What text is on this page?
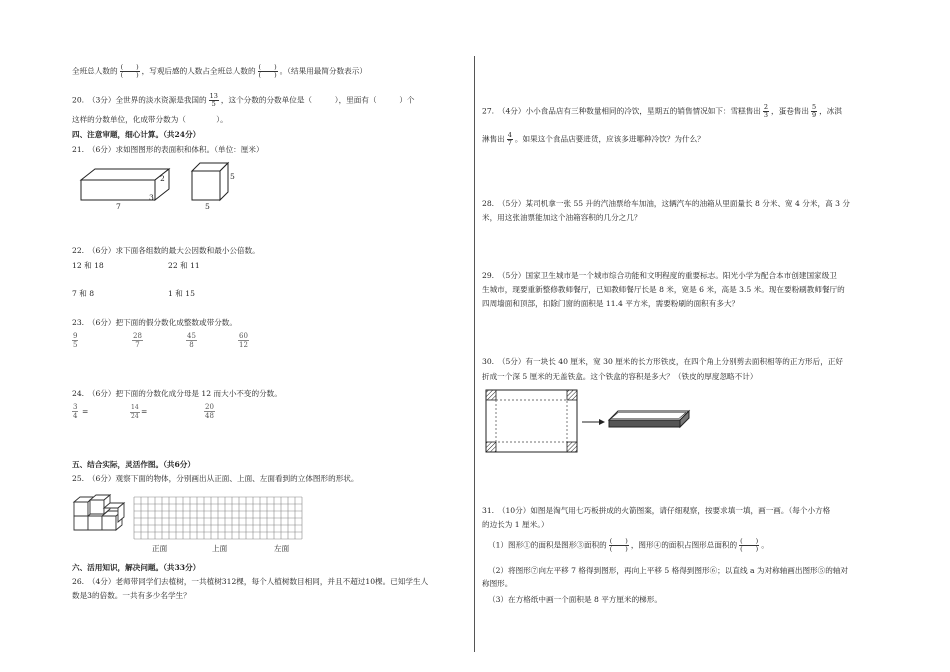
全班总人数的 $\frac{( )}{( )}$ ，写观后感的人数占全班总人数的 $\frac{( )}{( )}$ 。（结果用最简分数表示）
20.　（3分）全世界的淡水资源是我国的 $\frac{13}{5}$ ，这个分数的分数单位是（　　　），里面有（　　　）个
这样的分数单位，化成带分数为（　　　　）。
四、注意审题，细心计算。（共24分）
21.　（6分）求如图图形的表面积和体积。（单位：厘米）
2
3
7
5
5
22.　（6分）求下面各组数的最大公因数和最小公倍数。
12 和 18	22 和 11
7 和 8	1 和 15
23.　（6分）把下面的假分数化成整数或带分数。
$\frac{9}{5}$	$\frac{28}{7}$	$\frac{45}{8}$	$\frac{60}{12}$
24.　（6分）把下面的分数化成分母是 12 而大小不变的分数。
$\frac{3}{4}$ =	$\frac{14}{24}$ =	$\frac{20}{48}$
五、结合实际，灵活作图。（共6分）
25.　（6分）观察下面的物体，分别画出从正面、上面、左面看到的立体图形的形状。
正面	上面	左面
六、活用知识，解决问题。（共33分）
26.　（4分）老师带同学们去植树，一共植树312棵，每个人植树数目相同，并且不超过10棵。已知学生人
数是3的倍数。一共有多少名学生？
27.　（4分）小小食品店有三种数量相同的冷饮，星期五的销售情况如下：雪糕售出 $\frac{2}{3}$ ，蛋卷售出 $\frac{5}{9}$ ，冰淇
淋售出 $\frac{4}{7}$ 。如果这个食品店要进货，应该多进哪种冷饮？为什么？
28.　（5分）某司机拿一张 55 升的汽油票给车加油，这辆汽车的油箱从里面量长 8 分米、宽 4 分米，高 3 分
米，用这张油票能加这个油箱容积的几分之几？
29.　（5分）国家卫生城市是一个城市综合功能和文明程度的重要标志。阳光小学为配合本市创建国家级卫
生城市，现要重新整修教师餐厅，已知教师餐厅长是 8 米，宽是 6 米，高是 3.5 米。现在要粉刷教师餐厅的
四周墙面和顶部，扣除门窗的面积是 11.4 平方米，需要粉刷的面积有多大？
30.　（5分）有一块长 40 厘米，宽 30 厘米的长方形铁皮，在四个角上分别剪去面积相等的正方形后，正好
折成一个深 5 厘米的无盖铁盒。这个铁盒的容积是多大？（铁皮的厚度忽略不计）
31.　（10分）如图是淘气用七巧板拼成的火箭图案，请仔细观察，按要求填一填，画一画。（每个小方格
的边长为 1 厘米。）
（1）图形①的面积是图形③面积的 $\frac{( )}{( )}$ ，图形④的面积占图形总面积的 $\frac{( )}{( )}$ 。
（2）将图形⑦向左平移 7 格得到图形，再向上平移 5 格得到图形⑥；以直线 a 为对称轴画出图形⑤的轴对
称图形。
（3）在方格纸中画一个面积是 8 平方厘米的梯形。
